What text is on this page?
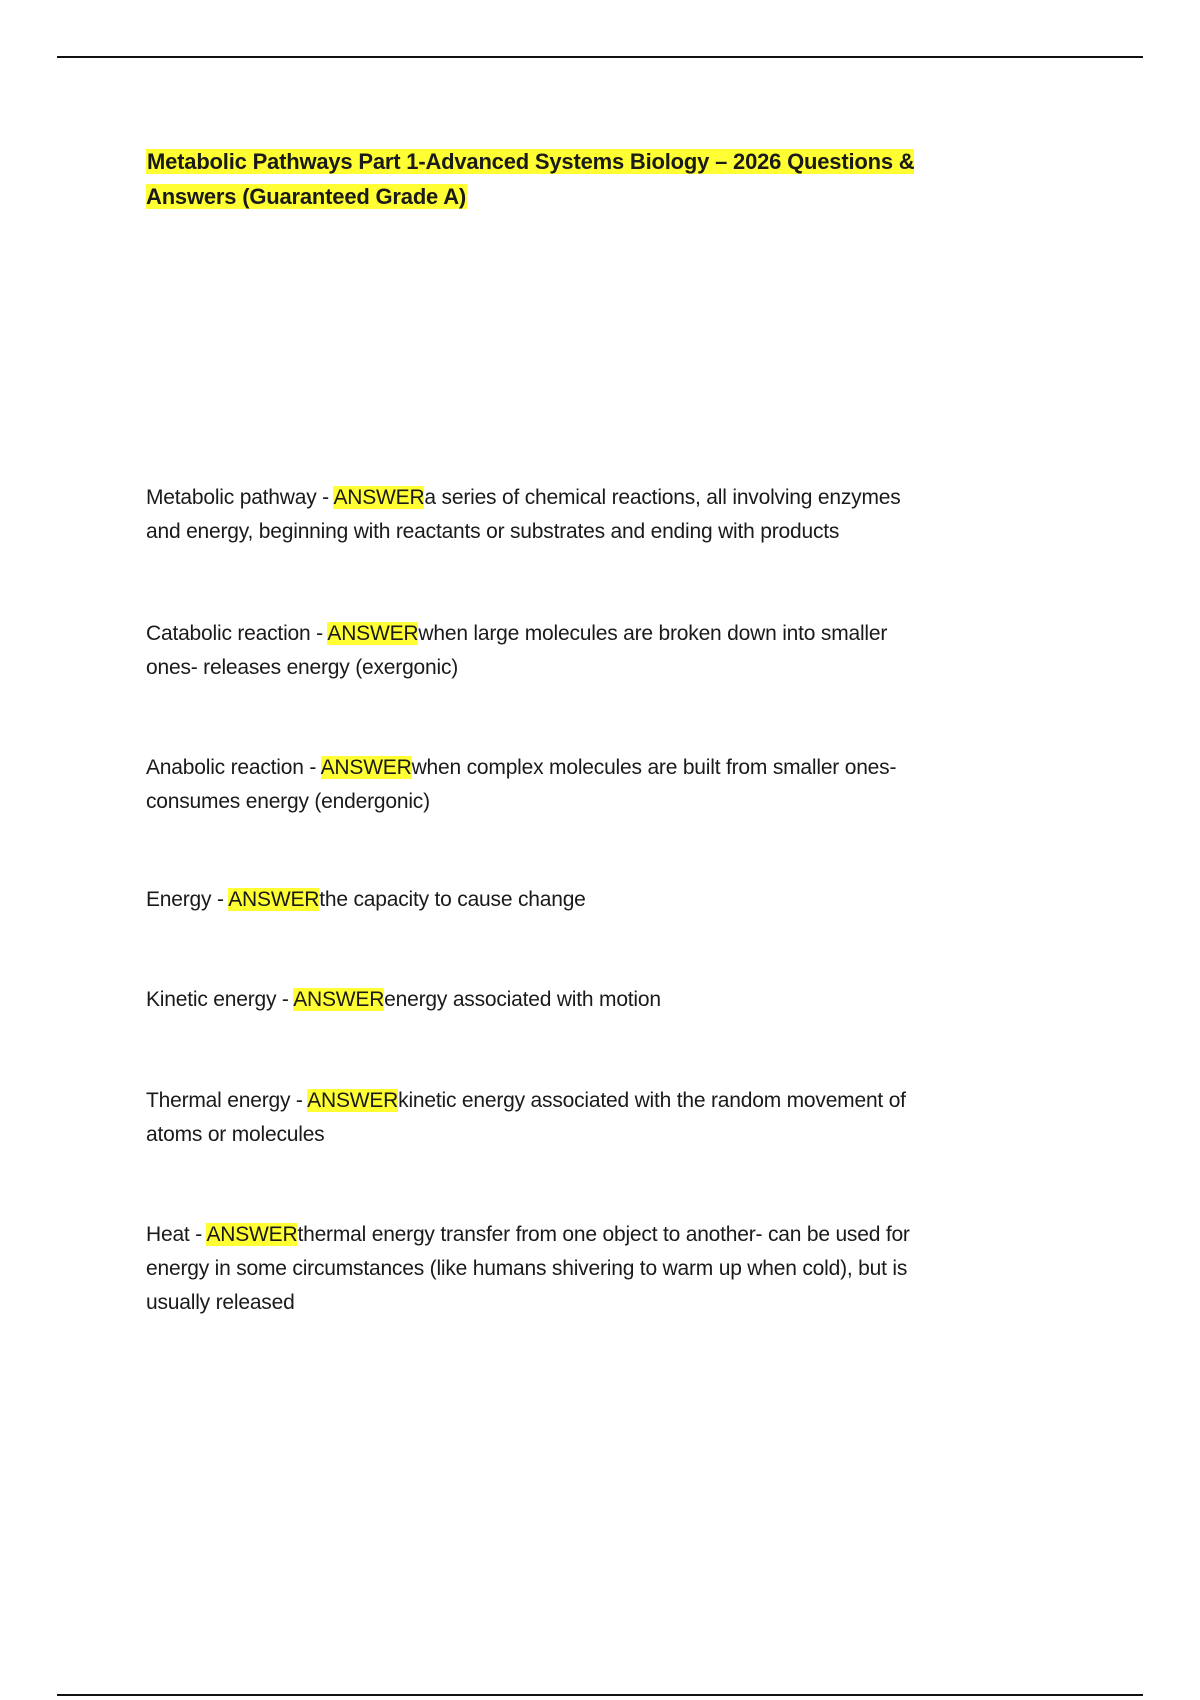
Metabolic Pathways Part 1-Advanced Systems Biology – 2026 Questions & Answers (Guaranteed Grade A)

Metabolic pathway - ANSWERa series of chemical reactions, all involving enzymes and energy, beginning with reactants or substrates and ending with products

Catabolic reaction - ANSWERwhen large molecules are broken down into smaller ones- releases energy (exergonic)

Anabolic reaction - ANSWERwhen complex molecules are built from smaller ones- consumes energy (endergonic)

Energy - ANSWERthe capacity to cause change

Kinetic energy - ANSWERenergy associated with motion

Thermal energy - ANSWERkinetic energy associated with the random movement of atoms or molecules

Heat - ANSWERthermal energy transfer from one object to another- can be used for energy in some circumstances (like humans shivering to warm up when cold), but is usually released
